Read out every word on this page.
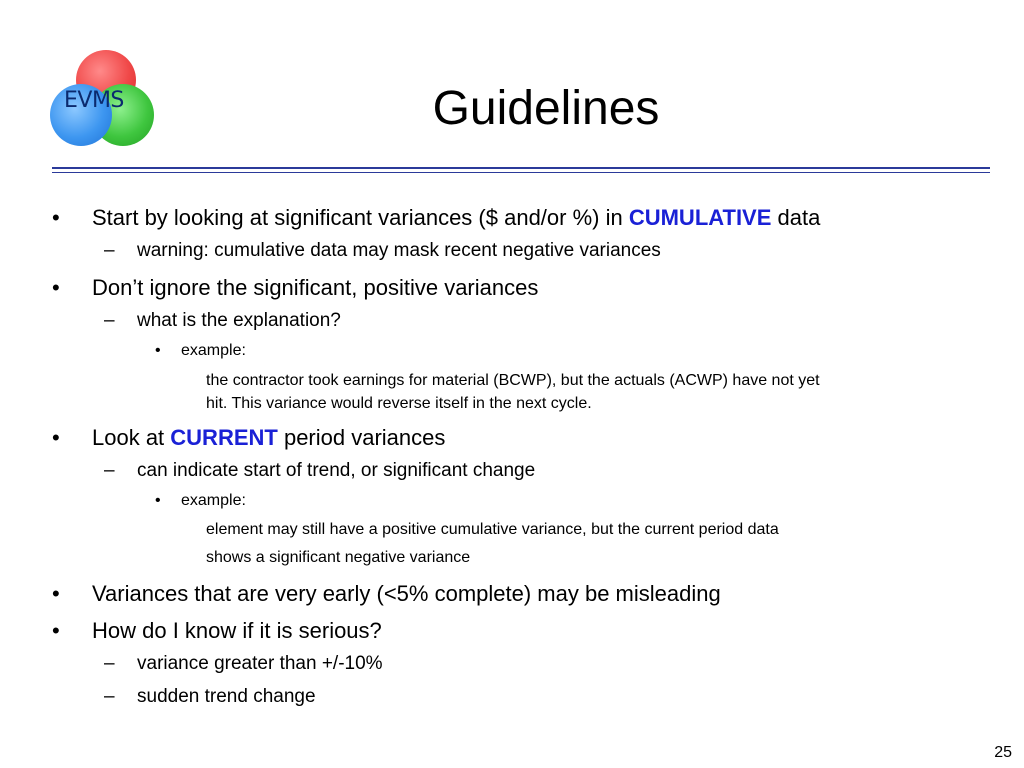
EVMS	Guidelines
• Start by looking at significant variances ($ and/or %) in CUMULATIVE data
– warning: cumulative data may mask recent negative variances
• Don’t ignore the significant, positive variances
– what is the explanation?
• example:
the contractor took earnings for material (BCWP), but the actuals (ACWP) have not yet
hit. This variance would reverse itself in the next cycle.
• Look at CURRENT period variances
– can indicate start of trend, or significant change
• example:
element may still have a positive cumulative variance, but the current period data
shows a significant negative variance
• Variances that are very early (<5% complete) may be misleading
• How do I know if it is serious?
– variance greater than +/-10%
– sudden trend change
25
